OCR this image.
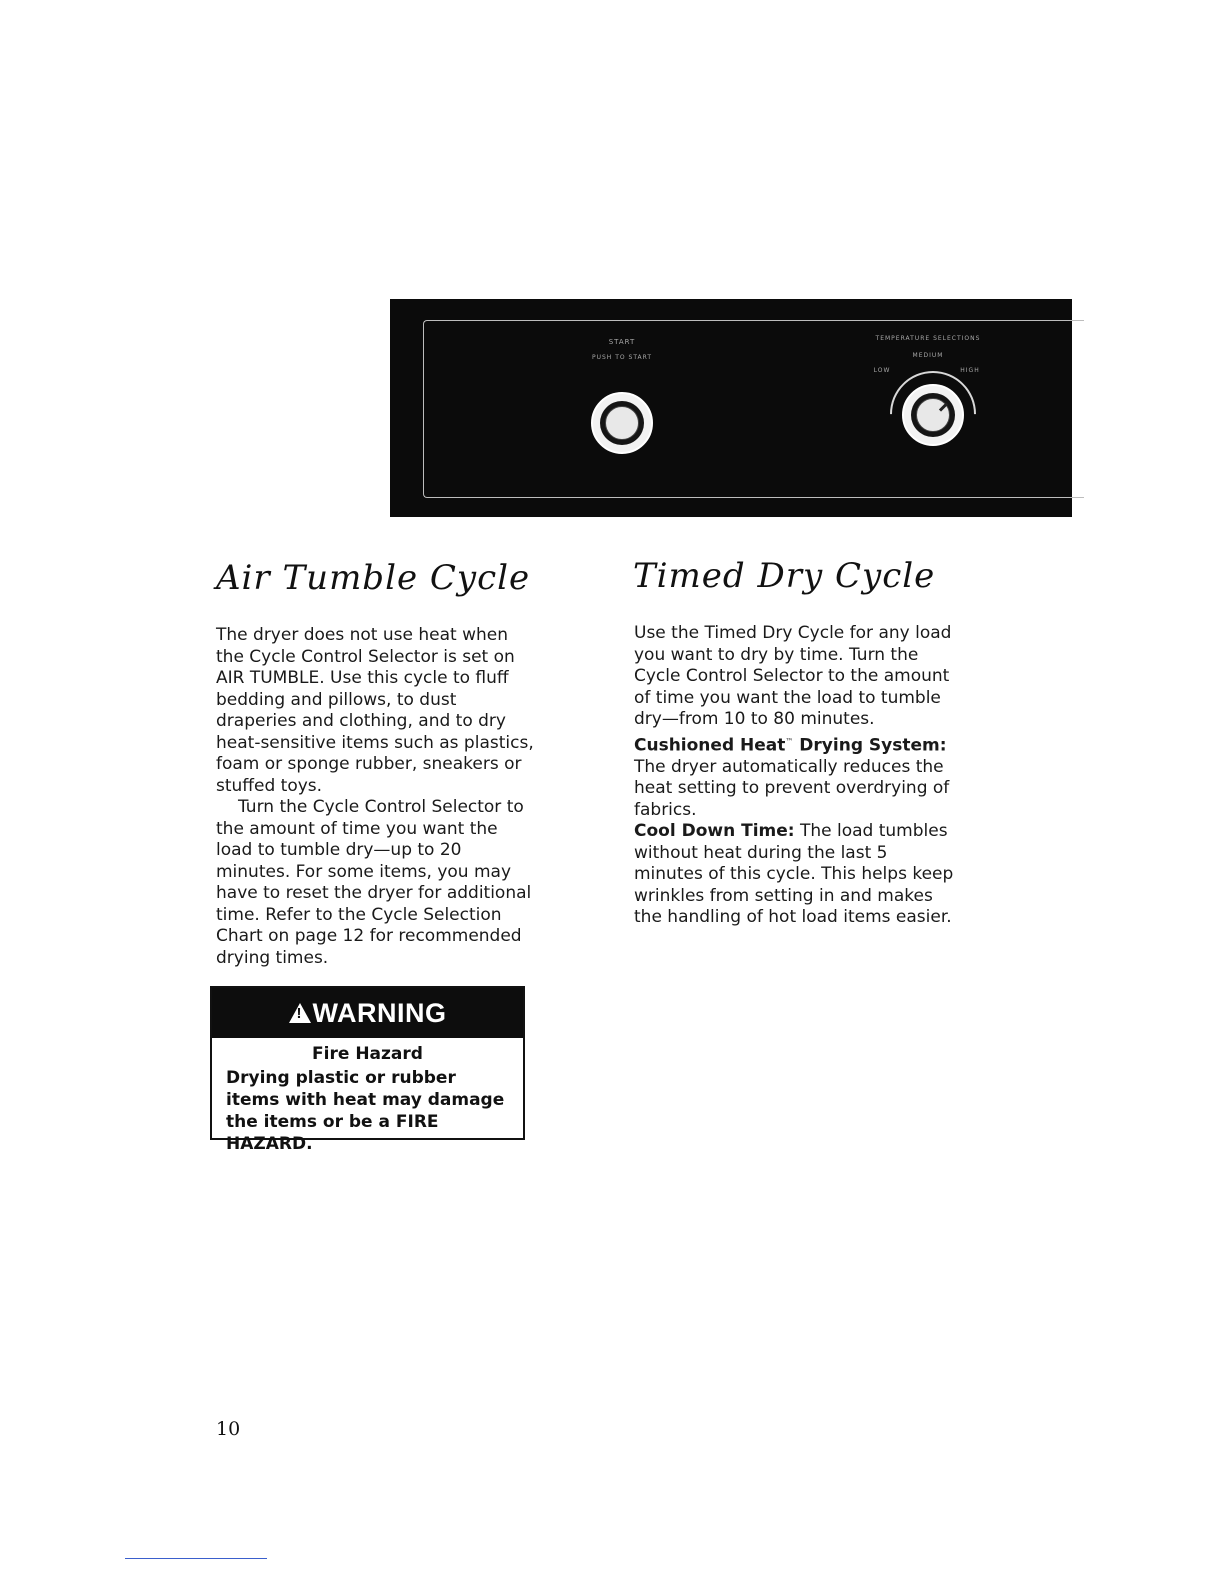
START
PUSH TO START
TEMPERATURE SELECTIONS
MEDIUM
LOW	HIGH
Air Tumble Cycle

The dryer does not use heat when the Cycle Control Selector is set on AIR TUMBLE. Use this cycle to fluff bedding and pillows, to dust draperies and clothing, and to dry heat-sensitive items such as plastics, foam or sponge rubber, sneakers or stuffed toys.

Turn the Cycle Control Selector to the amount of time you want the load to tumble dry—up to 20 minutes. For some items, you may have to reset the dryer for additional time. Refer to the Cycle Selection Chart on page 12 for recommended drying times.

!
WARNING
Fire Hazard
Drying plastic or rubber items with heat may damage the items or be a FIRE HAZARD.
Timed Dry Cycle

Use the Timed Dry Cycle for any load you want to dry by time. Turn the Cycle Control Selector to the amount of time you want the load to tumble dry—from 10 to 80 minutes.

Cushioned Heat™ Drying System: The dryer automatically reduces the heat setting to prevent overdrying of fabrics.

Cool Down Time: The load tumbles without heat during the last 5 minutes of this cycle. This helps keep wrinkles from setting in and makes the handling of hot load items easier.

10
